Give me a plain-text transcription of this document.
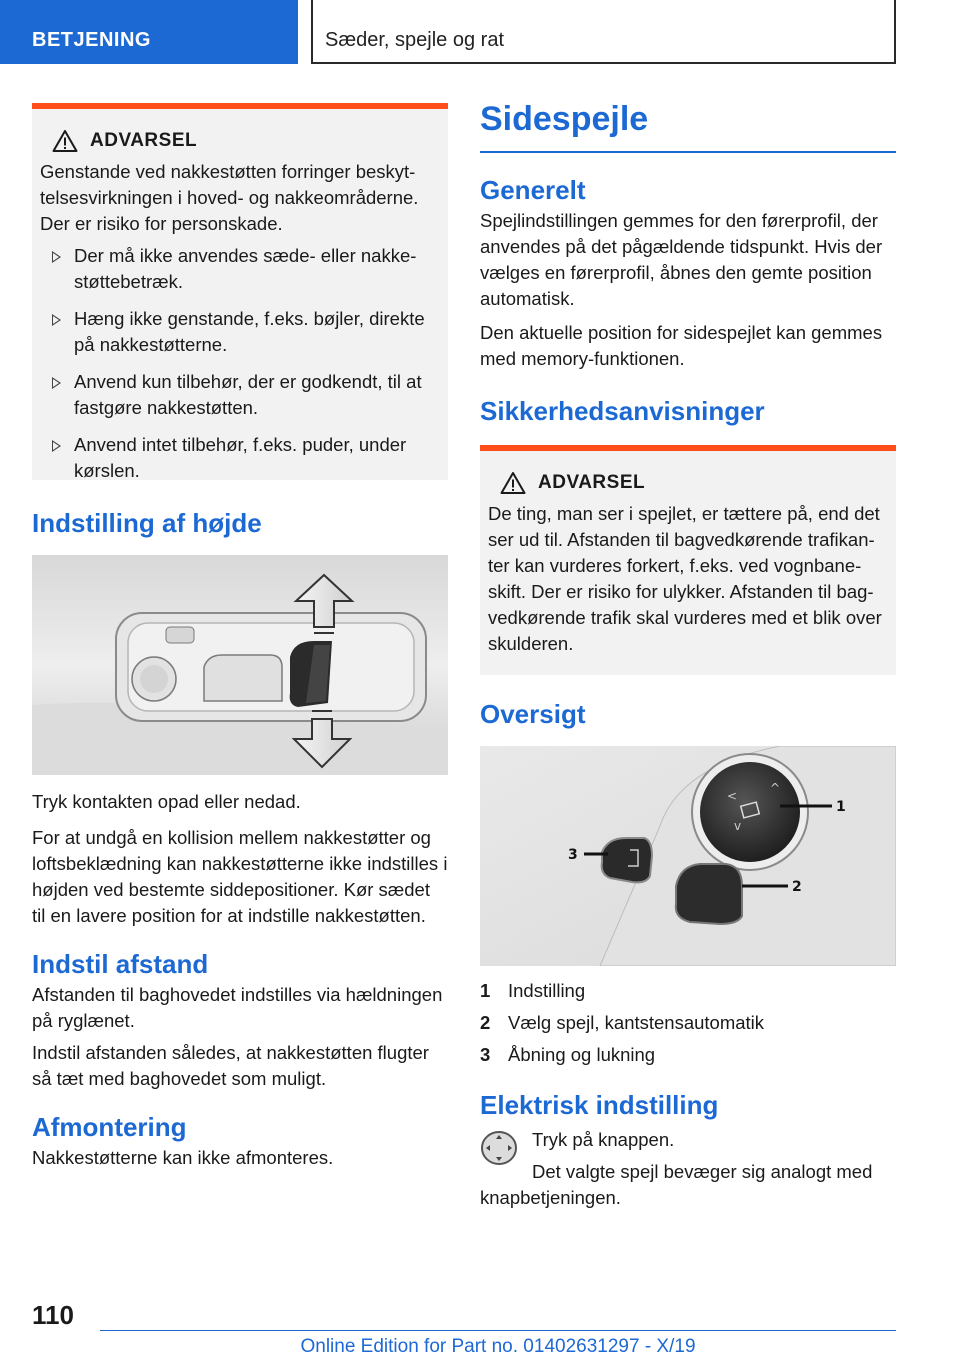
BETJENING	Sæder, spejle og rat
ADVARSEL
Genstande ved nakkestøtten forringer beskyttelsesvirkningen i hoved- og nakkeområderne. Der er risiko for personskade.
Der må ikke anvendes sæde- eller nakkestøttebetræk.
Hæng ikke genstande, f.eks. bøjler, direkte på nakkestøtterne.
Anvend kun tilbehør, der er godkendt, til at fastgøre nakkestøtten.
Anvend intet tilbehør, f.eks. puder, under kørslen.
Indstilling af højde

Tryk kontakten opad eller nedad.

For at undgå en kollision mellem nakkestøtter og loftsbeklædning kan nakkestøtterne ikke indstilles i højden ved bestemte siddepositioner. Kør sædet til en lavere position for at indstille nakkestøtten.

Indstil afstand

Afstanden til baghovedet indstilles via hældningen på ryglænet.

Indstil afstanden således, at nakkestøtten flugter så tæt med baghovedet som muligt.

Afmontering

Nakkestøtterne kan ikke afmonteres.

Sidespejle
Generelt

Spejlindstillingen gemmes for den førerprofil, der anvendes på det pågældende tidspunkt. Hvis der vælges en førerprofil, åbnes den gemte position automatisk.

Den aktuelle position for sidespejlet kan gemmes med memory-funktionen.

Sikkerhedsanvisninger
ADVARSEL
De ting, man ser i spejlet, er tættere på, end det ser ud til. Afstanden til bagvedkørende trafikanter kan vurderes forkert, f.eks. ved vognbaneskift. Der er risiko for ulykker. Afstanden til bagvedkørende trafik skal vurderes med et blik over skulderen.
Oversigt
<
^
v
1
2
3
1 Indstilling
2 Vælg spejl, kantstensautomatik
3 Åbning og lukning
Elektrisk indstilling

Tryk på knappen.

Det valgte spejl bevæger sig analogt med knapbetjeningen.

110
Online Edition for Part no. 01402631297 - X/19
